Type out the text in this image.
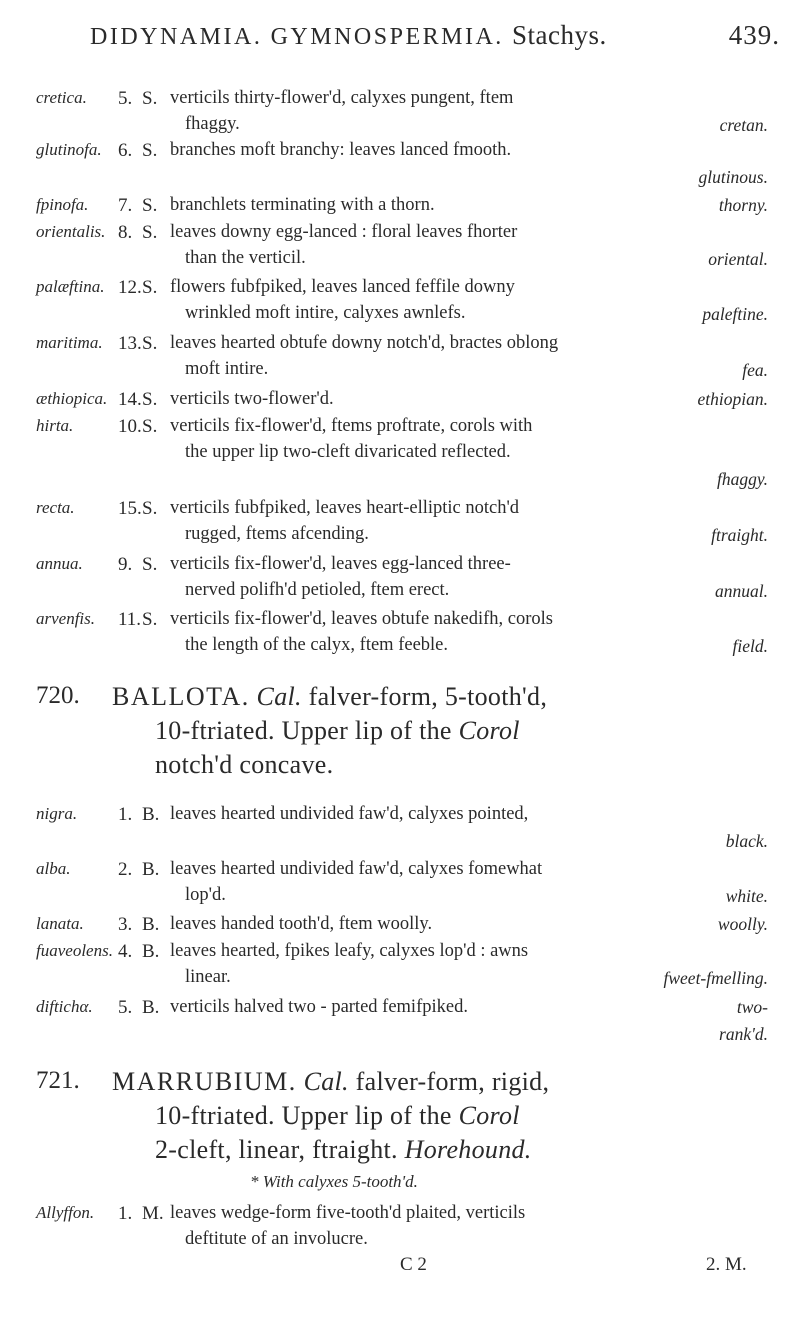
DIDYNAMIA. GYMNOSPERMIA. Stachys.	439.
cretica. 5. S. verticils thirty-flower'd, calyxes pungent, ftem
fhaggy.	cretan.
glutinofa. 6. S. branches moft branchy: leaves lanced fmooth.
glutinous.
fpinofa. 7. S. branchlets terminating with a thorn.	thorny.
orientalis. 8. S. leaves downy egg-lanced : floral leaves fhorter
than the verticil.	oriental.
palæftina. 12. S. flowers fubfpiked, leaves lanced feffile downy
wrinkled moft intire, calyxes awnlefs.	paleftine.
maritima. 13. S. leaves hearted obtufe downy notch'd, bractes oblong
moft intire.	fea.
æthiopica. 14. S. verticils two-flower'd.	ethiopian.
hirta. 10. S. verticils fix-flower'd, ftems proftrate, corols with
the upper lip two-cleft divaricated reflected.
fhaggy.
recta. 15. S. verticils fubfpiked, leaves heart-elliptic notch'd
rugged, ftems afcending.	ftraight.
annua. 9. S. verticils fix-flower'd, leaves egg-lanced three-
nerved polifh'd petioled, ftem erect.	annual.
arvenfis. 11. S. verticils fix-flower'd, leaves obtufe nakedifh, corols
the length of the calyx, ftem feeble.	field.
720. BALLOTA. Cal. falver-form, 5-tooth'd,
10-ftriated. Upper lip of the Corol
notch'd concave.
nigra. 1. B. leaves hearted undivided faw'd, calyxes pointed,
black.
alba.	2. B. leaves hearted undivided faw'd, calyxes fomewhat
lop'd.	white.
lanata. 3. B. leaves handed tooth'd, ftem woolly.	woolly.
fuaveolens. 4. B. leaves hearted, fpikes leafy, calyxes lop'd : awns
linear.	fweet-fmelling.
diftichα. 5. B. verticils halved two - parted femifpiked.	two-
rank'd.
721. MARRUBIUM. Cal. falver-form, rigid,
10-ftriated. Upper lip of the Corol
2-cleft, linear, ftraight. Horehound.
* With calyxes 5-tooth'd.
Allyffon. 1. M. leaves wedge-form five-tooth'd plaited, verticils
deftitute of an involucre.
C 2	2. M.
